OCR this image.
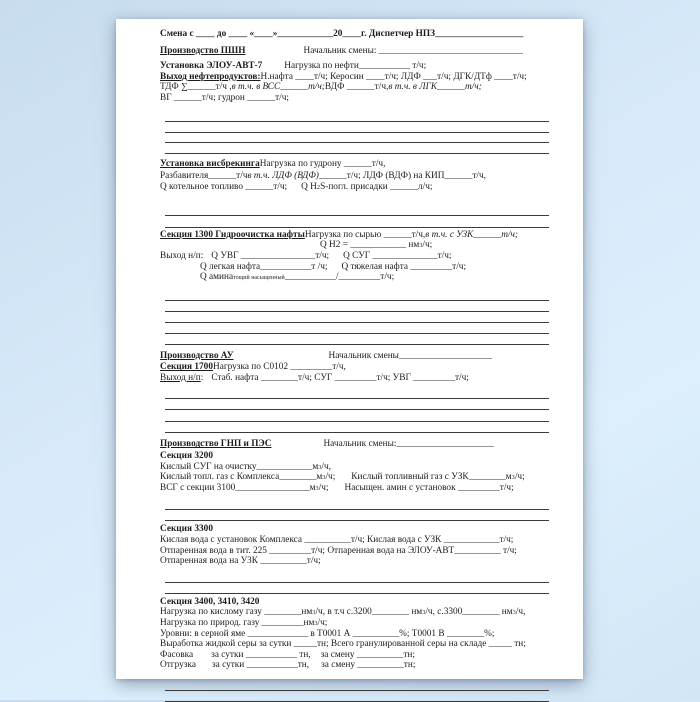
Смена с ____ до ____ «____»____________20____г. Диспетчер НПЗ___________________
Производство ПШН	Начальник смены: _______________________________
Установка ЭЛОУ-АВТ-7 Нагрузка по нефти___________ т/ч;
Выход нефтепродуктов:Н.нафта ____т/ч; Керосин ____т/ч; ЛДФ ___т/ч; ДГК/ДТф ____т/ч;
ТДФ ∑______т/ч ,в т.ч. в ВСС______т/ч;ВДФ ______т/ч,в т.ч. в ЛГК______т/ч;
ВГ ______т/ч; гудрон ______т/ч;
Установка висбрекингаНагрузка по гудрону ______т/ч,
Разбавителя______т/чв т.ч. ЛДФ (ВДФ)______т/ч; ЛДФ (ВДФ) на КИП______т/ч,
Q котельное топливо ______т/ч; Q H2S-погл. присадки ______л/ч;
Секция 1300 Гидроочистка нафтыНагрузка по сырью ______т/ч,в т.ч. с УЗК______т/ч;
Q H2 = ____________ нм3/ч;
Выход н/п: Q УВГ ________________т/ч; Q СУГ ______________т/ч;
Q легкая нафта___________т /ч; Q тяжелая нафта _________т/ч;
Q аминатощий насыщенный___________/_________т/ч;
Производство АУ	Начальник смены____________________
Секция 1700Нагрузка по С0102 _________т/ч,
Выход н/п: Стаб. нафта ________т/ч; СУГ _________т/ч; УВГ _________т/ч;
Производство ГНП и ПЭС	Начальник смены:_____________________
Секция 3200
Кислый СУГ на очистку____________м3/ч,
Кислый топл. газ с Комплекса________м3/ч; Кислый топливный газ с УЗК________м3/ч;
ВСГ с секции 3100________________м3/ч; Насыщен. амин с установок _________т/ч;
Секция 3300
Кислая вода с установок Комплекса __________т/ч; Кислая вода с УЗК ____________т/ч;
Отпаренная вода в тит. 225 _________т/ч; Отпаренная вода на ЭЛОУ-АВТ__________ т/ч;
Отпаренная вода на УЗК __________т/ч;
Секция 3400, 3410, 3420
Нагрузка по кислому газу ________нм3/ч, в т.ч с.3200________ нм3/ч, с.3300________ нм3/ч,
Нагрузка по природ. газу _________нм3/ч;
Уровни: в серной яме _____________ в Т0001 А __________%; Т0001 В ________%;
Выработка жидкой серы за сутки _____тн; Всего гранулированной серы на складе _____ тн;
Фасовка за сутки ___________ тн, за смену __________тн;
Отгрузка за сутки ___________тн, за смену __________тн;
